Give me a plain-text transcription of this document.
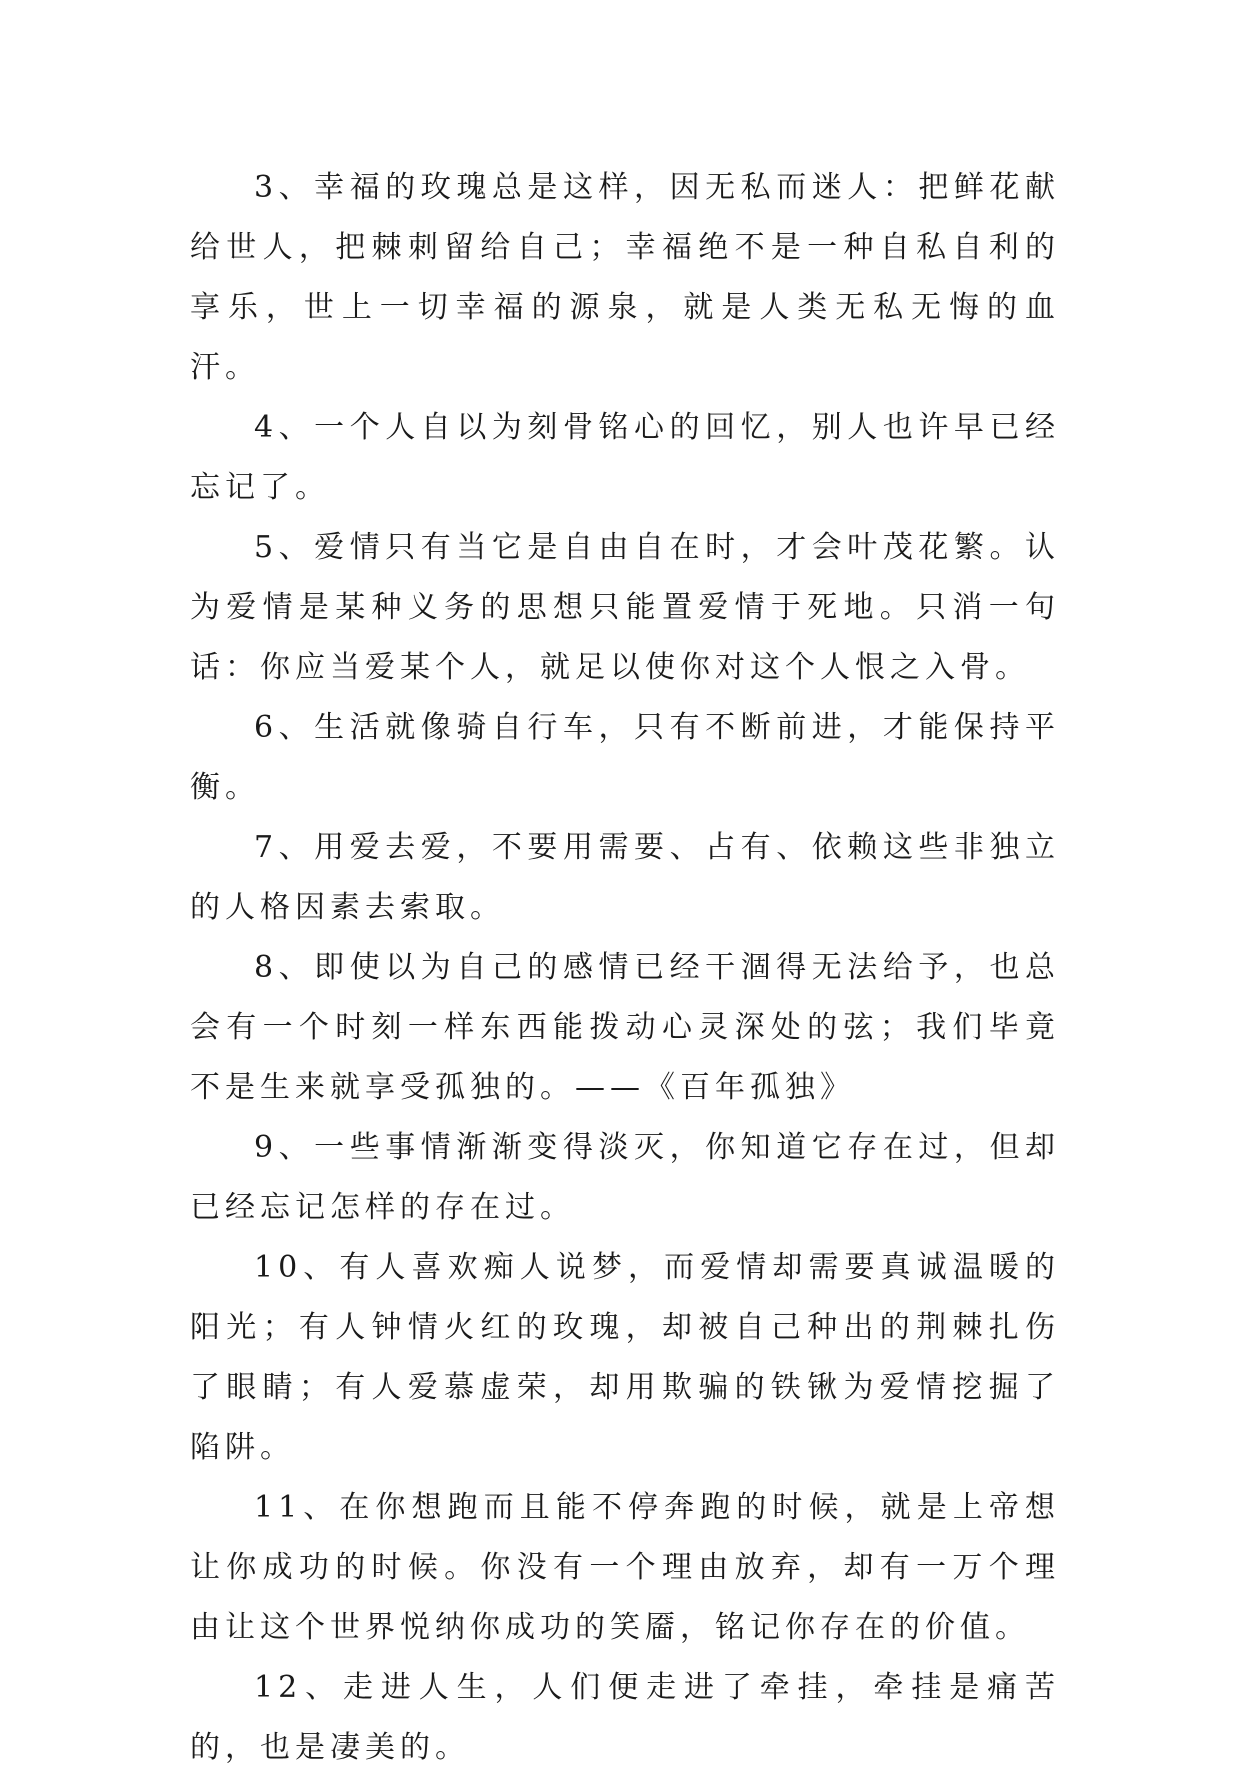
3、幸福的玫瑰总是这样，因无私而迷人：把鲜花献给世人，把棘刺留给自己；幸福绝不是一种自私自利的享乐，世上一切幸福的源泉，就是人类无私无悔的血汗。

4、一个人自以为刻骨铭心的回忆，别人也许早已经忘记了。

5、爱情只有当它是自由自在时，才会叶茂花繁。认为爱情是某种义务的思想只能置爱情于死地。只消一句话：你应当爱某个人，就足以使你对这个人恨之入骨。

6、生活就像骑自行车，只有不断前进，才能保持平衡。

7、用爱去爱，不要用需要、占有、依赖这些非独立的人格因素去索取。

8、即使以为自己的感情已经干涸得无法给予，也总会有一个时刻一样东西能拨动心灵深处的弦；我们毕竟不是生来就享受孤独的。——《百年孤独》

9、一些事情渐渐变得淡灭，你知道它存在过，但却已经忘记怎样的存在过。

10、有人喜欢痴人说梦，而爱情却需要真诚温暖的阳光；有人钟情火红的玫瑰，却被自己种出的荆棘扎伤了眼睛；有人爱慕虚荣，却用欺骗的铁锹为爱情挖掘了陷阱。

11、在你想跑而且能不停奔跑的时候，就是上帝想让你成功的时候。你没有一个理由放弃，却有一万个理由让这个世界悦纳你成功的笑靥，铭记你存在的价值。

12、走进人生，人们便走进了牵挂，牵挂是痛苦的，也是凄美的。
